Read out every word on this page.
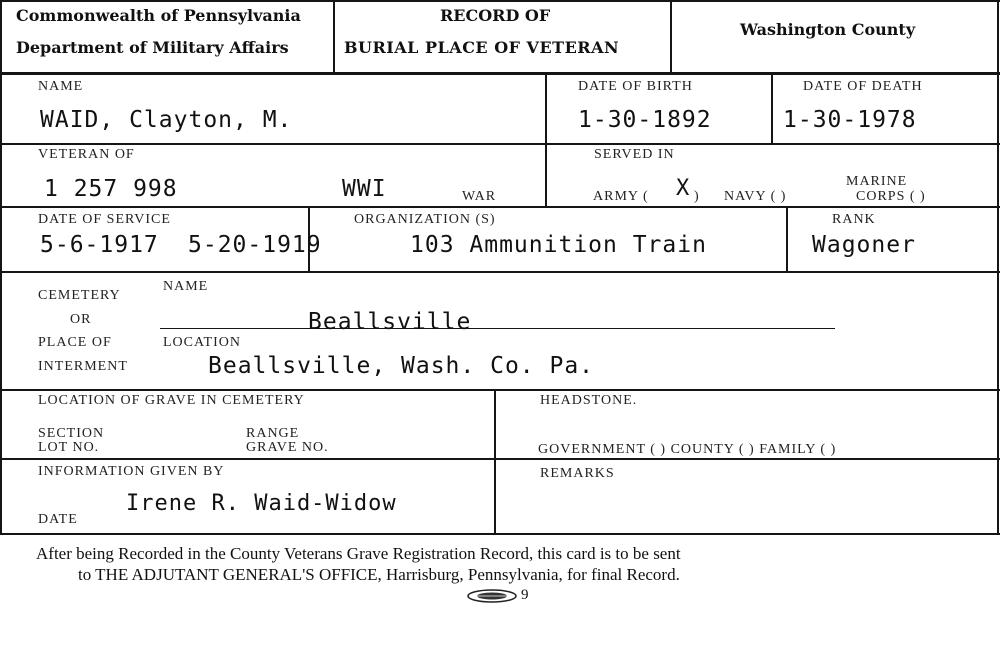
Commonwealth of Pennsylvania
Department of Military Affairs
RECORD OF
BURIAL PLACE OF VETERAN
Washington County
NAME
WAID, Clayton, M.
DATE OF BIRTH
1-30-1892
DATE OF DEATH
1-30-1978
VETERAN OF
1 257 998	WWI	WAR
SERVED IN
ARMY ( X ) NAVY ( )
MARINE
CORPS ( )
DATE OF SERVICE
5-6-1917 5-20-1919
ORGANIZATION (S)
103 Ammunition Train
RANK
Wagoner
CEMETERY
OR
PLACE OF
INTERMENT
NAME
Beallsville
LOCATION
Beallsville, Wash. Co. Pa.
LOCATION OF GRAVE IN CEMETERY
SECTION
LOT NO.
RANGE
GRAVE NO.
HEADSTONE.
GOVERNMENT ( ) COUNTY ( ) FAMILY ( )
INFORMATION GIVEN BY
Irene R. Waid-Widow
DATE
REMARKS
After being Recorded in the County Veterans Grave Registration Record, this card is to be sent
to THE ADJUTANT GENERAL'S OFFICE, Harrisburg, Pennsylvania, for final Record.
9
